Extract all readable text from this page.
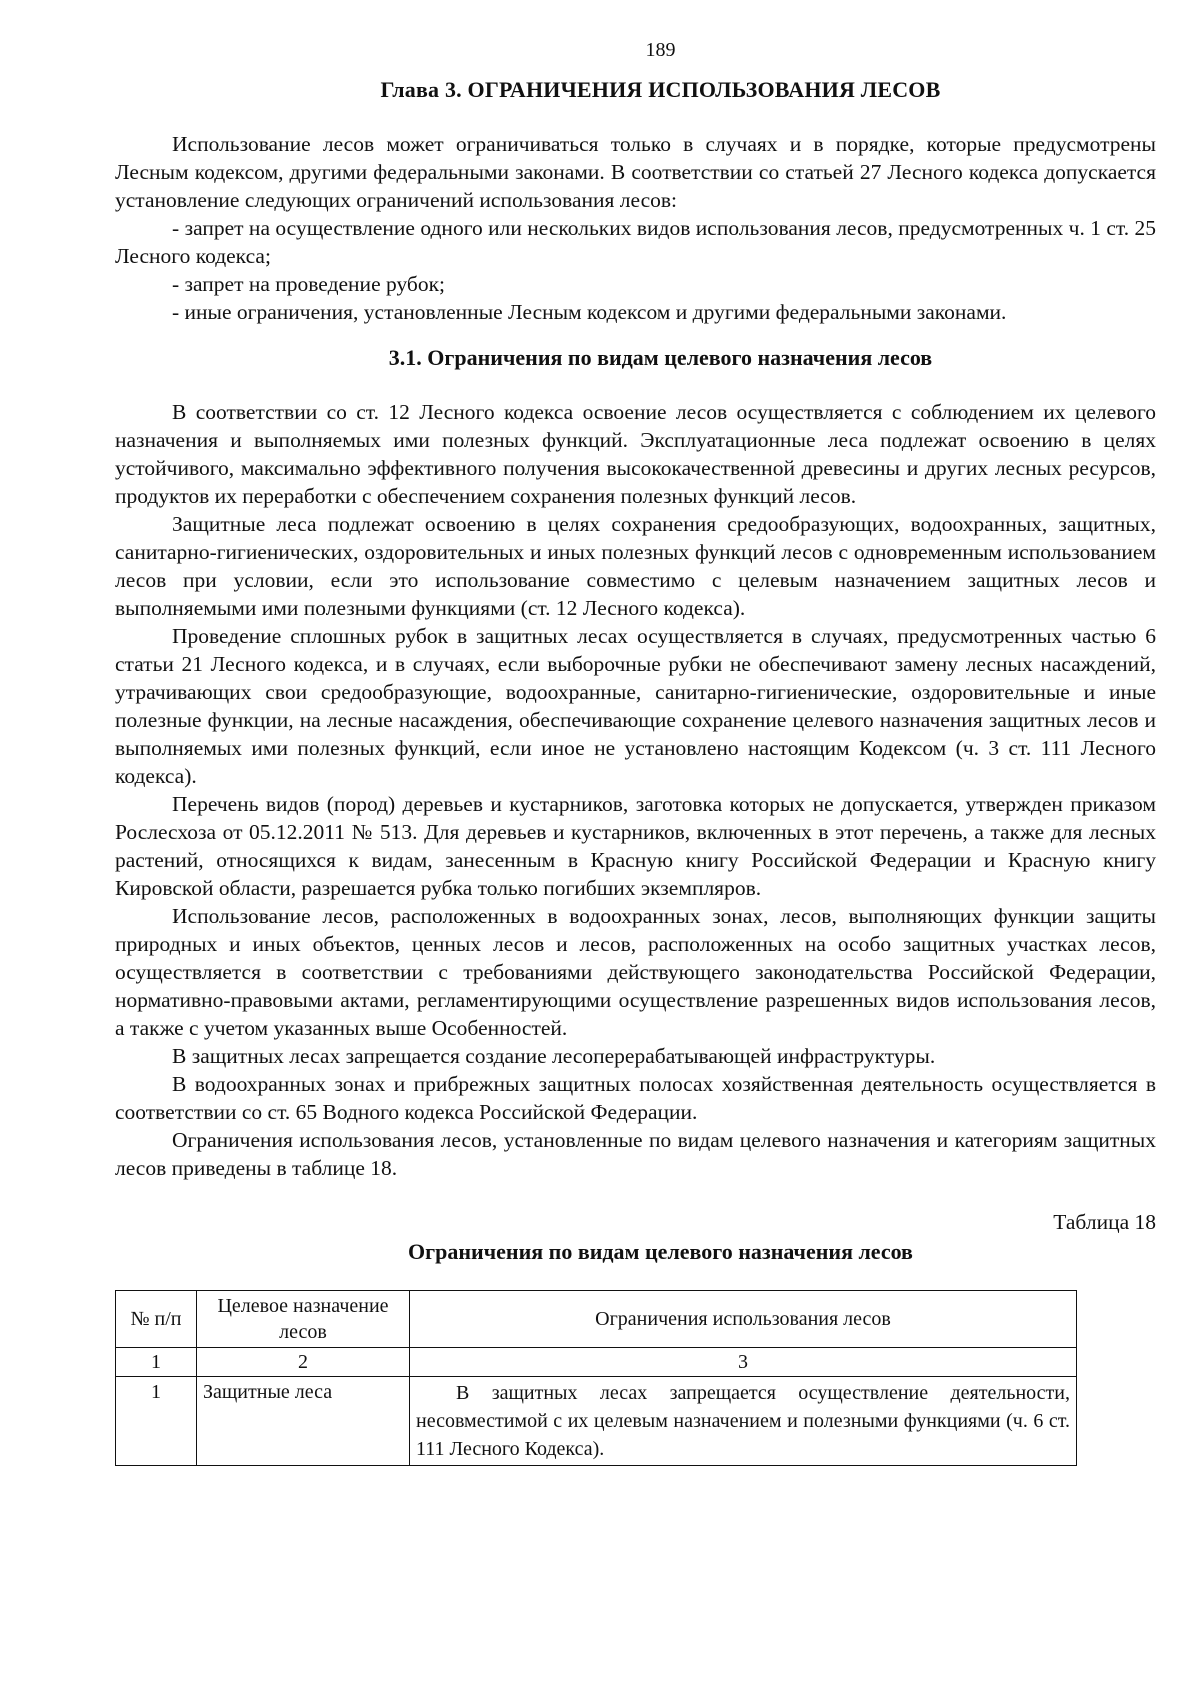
189
Глава 3. ОГРАНИЧЕНИЯ ИСПОЛЬЗОВАНИЯ ЛЕСОВ

Использование лесов может ограничиваться только в случаях и в порядке, которые предусмотрены Лесным кодексом, другими федеральными законами. В соответствии со статьей 27 Лесного кодекса допускается установление следующих ограничений использования лесов:

- запрет на осуществление одного или нескольких видов использования лесов, предусмотренных ч. 1 ст. 25 Лесного кодекса;
- запрет на проведение рубок;
- иные ограничения, установленные Лесным кодексом и другими федеральными законами.
3.1. Ограничения по видам целевого назначения лесов

В соответствии со ст. 12 Лесного кодекса освоение лесов осуществляется с соблюдением их целевого назначения и выполняемых ими полезных функций. Эксплуатационные леса подлежат освоению в целях устойчивого, максимально эффективного получения высококачественной древесины и других лесных ресурсов, продуктов их переработки с обеспечением сохранения полезных функций лесов.

Защитные леса подлежат освоению в целях сохранения средообразующих, водоохранных, защитных, санитарно-гигиенических, оздоровительных и иных полезных функций лесов с одновременным использованием лесов при условии, если это использование совместимо с целевым назначением защитных лесов и выполняемыми ими полезными функциями (ст. 12 Лесного кодекса).

Проведение сплошных рубок в защитных лесах осуществляется в случаях, предусмотренных частью 6 статьи 21 Лесного кодекса, и в случаях, если выборочные рубки не обеспечивают замену лесных насаждений, утрачивающих свои средообразующие, водоохранные, санитарно-гигиенические, оздоровительные и иные полезные функции, на лесные насаждения, обеспечивающие сохранение целевого назначения защитных лесов и выполняемых ими полезных функций, если иное не установлено настоящим Кодексом (ч. 3 ст. 111 Лесного кодекса).

Перечень видов (пород) деревьев и кустарников, заготовка которых не допускается, утвержден приказом Рослесхоза от 05.12.2011 № 513. Для деревьев и кустарников, включенных в этот перечень, а также для лесных растений, относящихся к видам, занесенным в Красную книгу Российской Федерации и Красную книгу Кировской области, разрешается рубка только погибших экземпляров.

Использование лесов, расположенных в водоохранных зонах, лесов, выполняющих функции защиты природных и иных объектов, ценных лесов и лесов, расположенных на особо защитных участках лесов, осуществляется в соответствии с требованиями действующего законодательства Российской Федерации, нормативно-правовыми актами, регламентирующими осуществление разрешенных видов использования лесов, а также с учетом указанных выше Особенностей.

В защитных лесах запрещается создание лесоперерабатывающей инфраструктуры.

В водоохранных зонах и прибрежных защитных полосах хозяйственная деятельность осуществляется в соответствии со ст. 65 Водного кодекса Российской Федерации.

Ограничения использования лесов, установленные по видам целевого назначения и категориям защитных лесов приведены в таблице 18.

Таблица 18
Ограничения по видам целевого назначения лесов
№ п/п	Целевое назначение лесов	Ограничения использования лесов
1	2	3
1	Защитные леса	В защитных лесах запрещается осуществление деятельности, несовместимой с их целевым назначением и полезными функциями (ч. 6 ст. 111 Лесного Кодекса).
